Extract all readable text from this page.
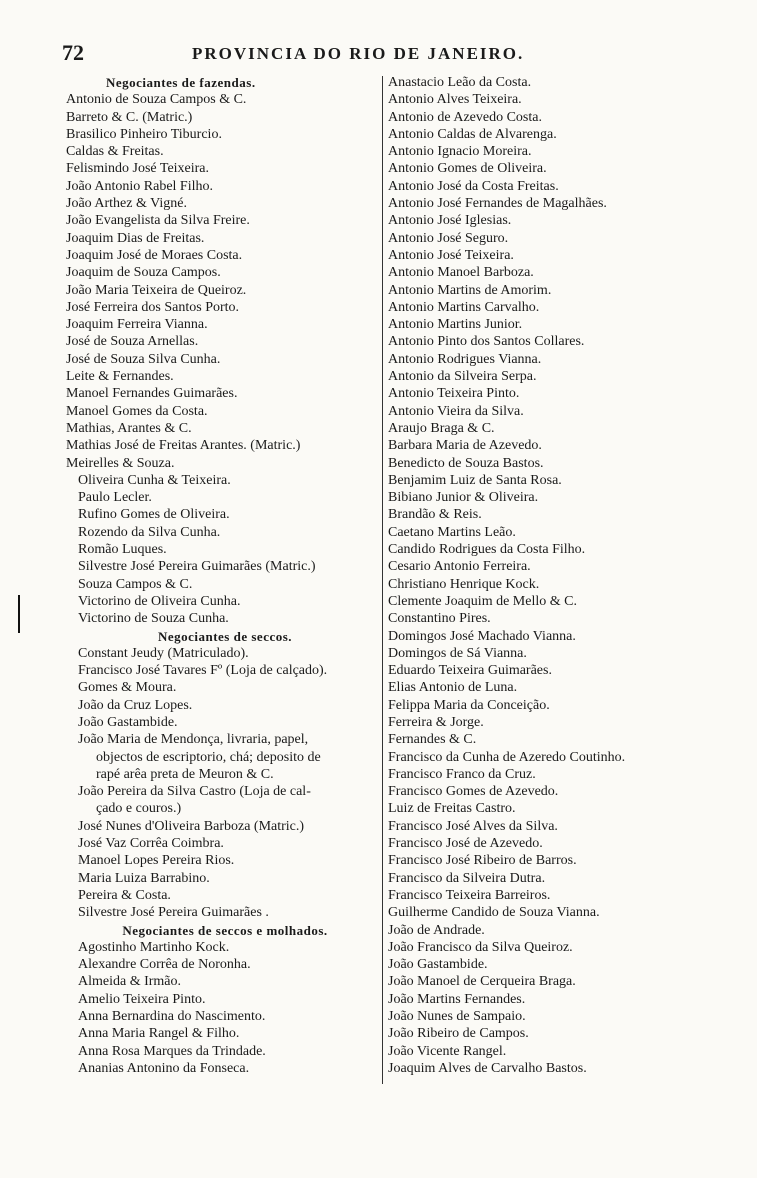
72	PROVINCIA DO RIO DE JANEIRO.
Negociantes de fazendas.
Antonio de Souza Campos & C.
Barreto & C. (Matric.)
Brasilico Pinheiro Tiburcio.
Caldas & Freitas.
Felismindo José Teixeira.
João Antonio Rabel Filho.
João Arthez & Vigné.
João Evangelista da Silva Freire.
Joaquim Dias de Freitas.
Joaquim José de Moraes Costa.
Joaquim de Souza Campos.
João Maria Teixeira de Queiroz.
José Ferreira dos Santos Porto.
Joaquim Ferreira Vianna.
José de Souza Arnellas.
José de Souza Silva Cunha.
Leite & Fernandes.
Manoel Fernandes Guimarães.
Manoel Gomes da Costa.
Mathias, Arantes & C.
Mathias José de Freitas Arantes. (Matric.)
Meirelles & Souza.
Oliveira Cunha & Teixeira.
Paulo Lecler.
Rufino Gomes de Oliveira.
Rozendo da Silva Cunha.
Romão Luques.
Silvestre José Pereira Guimarães (Matric.)
Souza Campos & C.
Victorino de Oliveira Cunha.
Victorino de Souza Cunha.
Negociantes de seccos.
Constant Jeudy (Matriculado).
Francisco José Tavares Fº (Loja de calçado).
Gomes & Moura.
João da Cruz Lopes.
João Gastambide.
João Maria de Mendonça, livraria, papel,
objectos de escriptorio, chá; deposito de
rapé arêa preta de Meuron & C.
João Pereira da Silva Castro (Loja de cal-
çado e couros.)
José Nunes d'Oliveira Barboza (Matric.)
José Vaz Corrêa Coimbra.
Manoel Lopes Pereira Rios.
Maria Luiza Barrabino.
Pereira & Costa.
Silvestre José Pereira Guimarães .
Negociantes de seccos e molhados.
Agostinho Martinho Kock.
Alexandre Corrêa de Noronha.
Almeida & Irmão.
Amelio Teixeira Pinto.
Anna Bernardina do Nascimento.
Anna Maria Rangel & Filho.
Anna Rosa Marques da Trindade.
Ananias Antonino da Fonseca.
Anastacio Leão da Costa.
Antonio Alves Teixeira.
Antonio de Azevedo Costa.
Antonio Caldas de Alvarenga.
Antonio Ignacio Moreira.
Antonio Gomes de Oliveira.
Antonio José da Costa Freitas.
Antonio José Fernandes de Magalhães.
Antonio José Iglesias.
Antonio José Seguro.
Antonio José Teixeira.
Antonio Manoel Barboza.
Antonio Martins de Amorim.
Antonio Martins Carvalho.
Antonio Martins Junior.
Antonio Pinto dos Santos Collares.
Antonio Rodrigues Vianna.
Antonio da Silveira Serpa.
Antonio Teixeira Pinto.
Antonio Vieira da Silva.
Araujo Braga & C.
Barbara Maria de Azevedo.
Benedicto de Souza Bastos.
Benjamim Luiz de Santa Rosa.
Bibiano Junior & Oliveira.
Brandão & Reis.
Caetano Martins Leão.
Candido Rodrigues da Costa Filho.
Cesario Antonio Ferreira.
Christiano Henrique Kock.
Clemente Joaquim de Mello & C.
Constantino Pires.
Domingos José Machado Vianna.
Domingos de Sá Vianna.
Eduardo Teixeira Guimarães.
Elias Antonio de Luna.
Felippa Maria da Conceição.
Ferreira & Jorge.
Fernandes & C.
Francisco da Cunha de Azeredo Coutinho.
Francisco Franco da Cruz.
Francisco Gomes de Azevedo.
Luiz de Freitas Castro.
Francisco José Alves da Silva.
Francisco José de Azevedo.
Francisco José Ribeiro de Barros.
Francisco da Silveira Dutra.
Francisco Teixeira Barreiros.
Guilherme Candido de Souza Vianna.
João de Andrade.
João Francisco da Silva Queiroz.
João Gastambide.
João Manoel de Cerqueira Braga.
João Martins Fernandes.
João Nunes de Sampaio.
João Ribeiro de Campos.
João Vicente Rangel.
Joaquim Alves de Carvalho Bastos.
